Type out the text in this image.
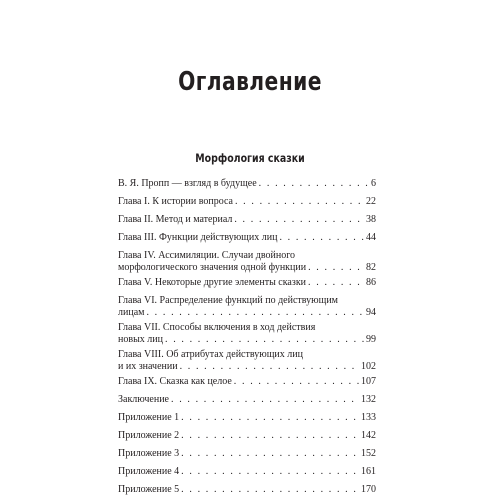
Оглавление
Морфология сказки
В. Я. Пропп — взгляд в будущее . . .	6
Глава I. К истории вопроса . . .	22
Глава II. Метод и материал . . .	38
Глава III. Функции действующих лиц . . .	44
Глава IV. Ассимиляции. Случаи двойного
морфологического значения одной функции . . .	82
Глава V. Некоторые другие элементы сказки . . .	86
Глава VI. Распределение функций по действующим
лицам . . .	94
Глава VII. Способы включения в ход действия
новых лиц . . .	99
Глава VIII. Об атрибутах действующих лиц
и их значении . . .	102
Глава IX. Сказка как целое . . .	107
Заключение . . .	132
Приложение 1 . . .	133
Приложение 2 . . .	142
Приложение 3 . . .	152
Приложение 4 . . .	161
Приложение 5 . . .	170
